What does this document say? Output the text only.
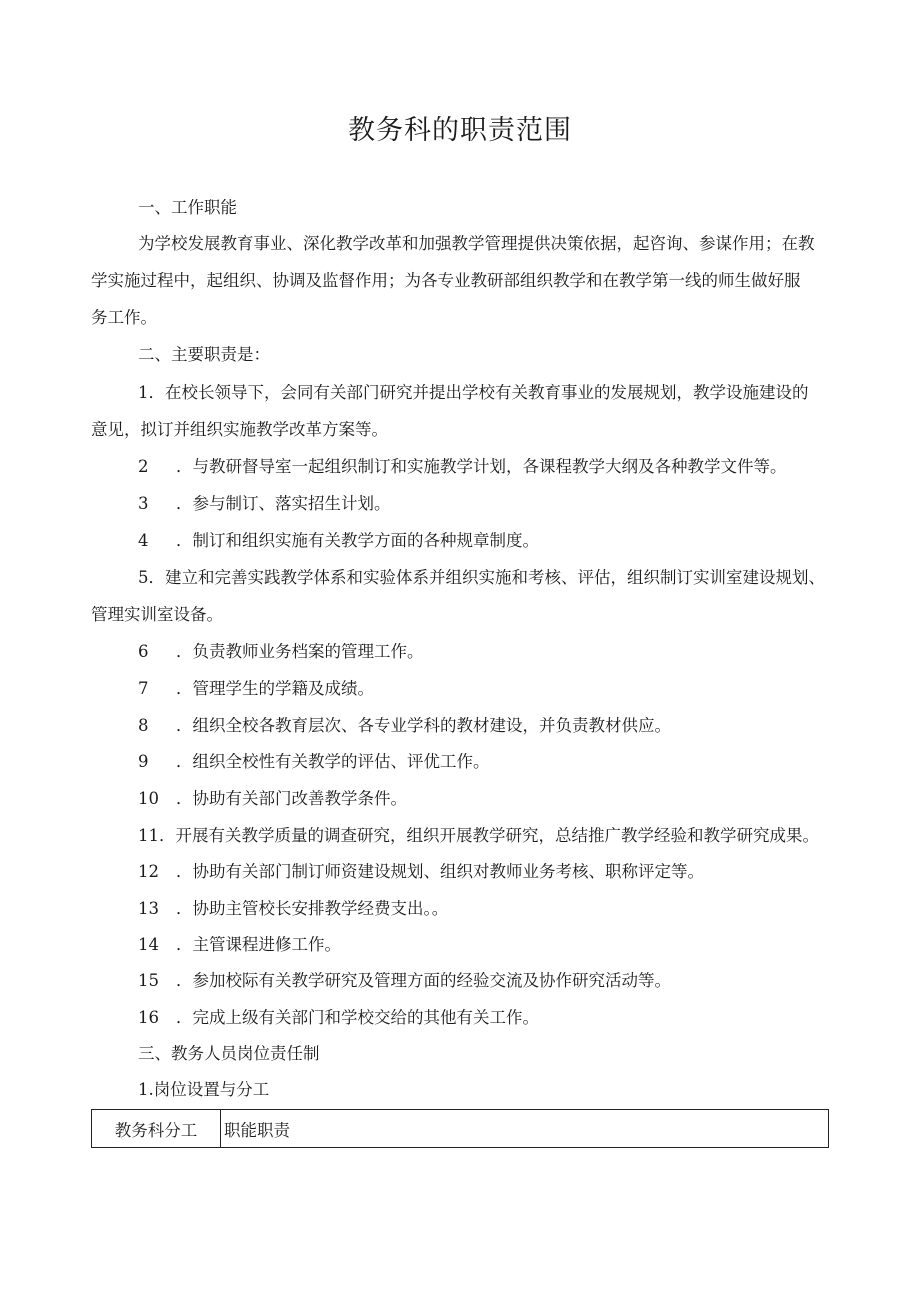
教务科的职责范围
一、工作职能
为学校发展教育事业、深化教学改革和加强教学管理提供决策依据，起咨询、参谋作用；在教
学实施过程中，起组织、协调及监督作用；为各专业教研部组织教学和在教学第一线的师生做好服
务工作。
二、主要职责是：
1．在校长领导下，会同有关部门研究并提出学校有关教育事业的发展规划，教学设施建设的
意见，拟订并组织实施教学改革方案等。
2 ．与教研督导室一起组织制订和实施教学计划，各课程教学大纲及各种教学文件等。
3 ．参与制订、落实招生计划。
4 ．制订和组织实施有关教学方面的各种规章制度。
5．建立和完善实践教学体系和实验体系并组织实施和考核、评估，组织制订实训室建设规划、
管理实训室设备。
6 ．负责教师业务档案的管理工作。
7 ．管理学生的学籍及成绩。
8 ．组织全校各教育层次、各专业学科的教材建设，并负责教材供应。
9 ．组织全校性有关教学的评估、评优工作。
10 ．协助有关部门改善教学条件。
11．开展有关教学质量的调查研究，组织开展教学研究，总结推广教学经验和教学研究成果。
12 ．协助有关部门制订师资建设规划、组织对教师业务考核、职称评定等。
13 ．协助主管校长安排教学经费支出。。
14 ．主管课程进修工作。
15 ．参加校际有关教学研究及管理方面的经验交流及协作研究活动等。
16 ．完成上级有关部门和学校交给的其他有关工作。
三、教务人员岗位责任制
1.岗位设置与分工
教务科分工	职能职责
